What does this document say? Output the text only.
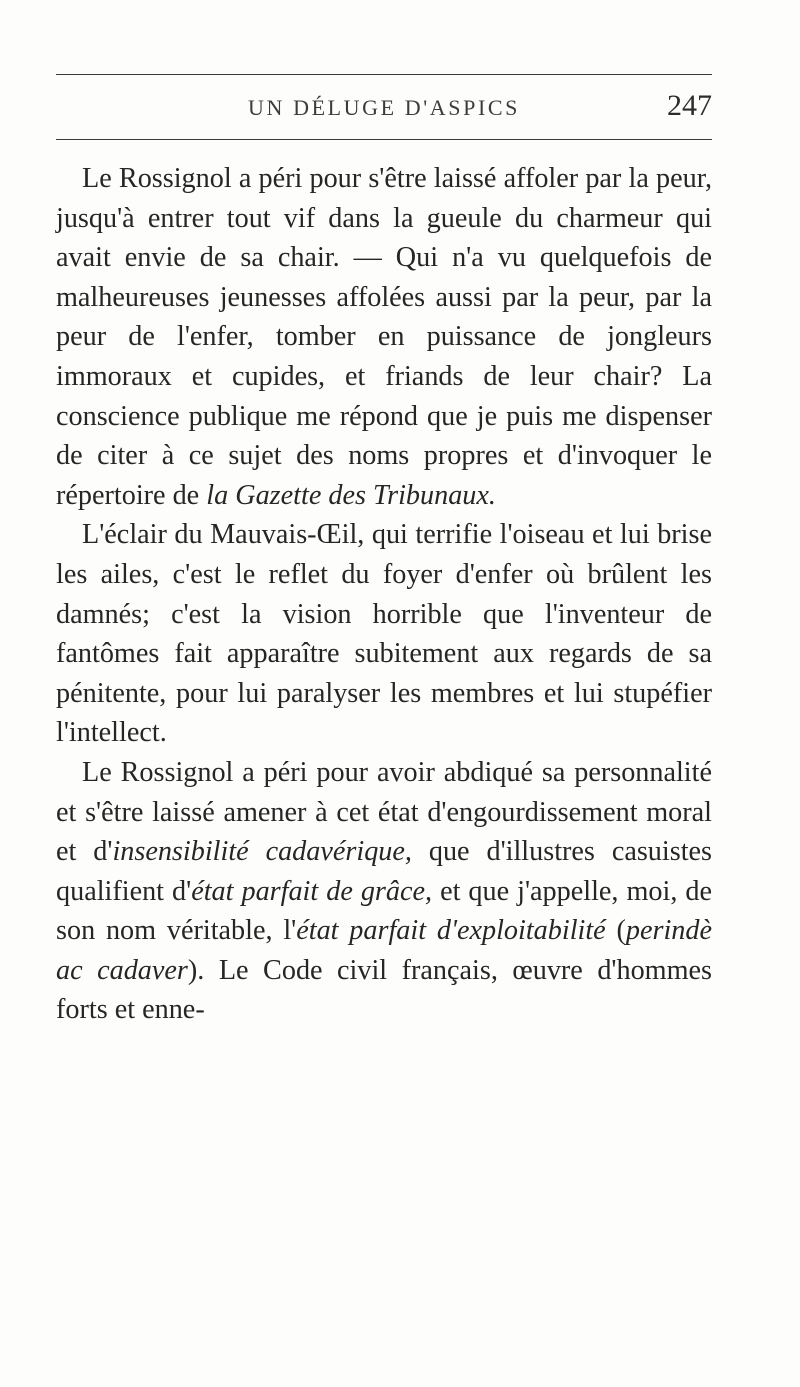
UN DÉLUGE D'ASPICS	247

Le Rossignol a péri pour s'être laissé affoler par la peur, jusqu'à entrer tout vif dans la gueule du charmeur qui avait envie de sa chair. — Qui n'a vu quelquefois de malheureuses jeunesses affolées aussi par la peur, par la peur de l'enfer, tomber en puissance de jongleurs immoraux et cupides, et friands de leur chair? La conscience publique me répond que je puis me dispenser de citer à ce sujet des noms propres et d'invoquer le répertoire de la Gazette des Tribunaux.

L'éclair du Mauvais-Œil, qui terrifie l'oiseau et lui brise les ailes, c'est le reflet du foyer d'enfer où brûlent les damnés; c'est la vision horrible que l'inventeur de fantômes fait apparaître subitement aux regards de sa pénitente, pour lui paralyser les membres et lui stupéfier l'intellect.

Le Rossignol a péri pour avoir abdiqué sa personnalité et s'être laissé amener à cet état d'engourdissement moral et d'insensibilité cadavérique, que d'illustres casuistes qualifient d'état parfait de grâce, et que j'appelle, moi, de son nom véritable, l'état parfait d'exploitabilité (perindè ac cadaver). Le Code civil français, œuvre d'hommes forts et enne-
